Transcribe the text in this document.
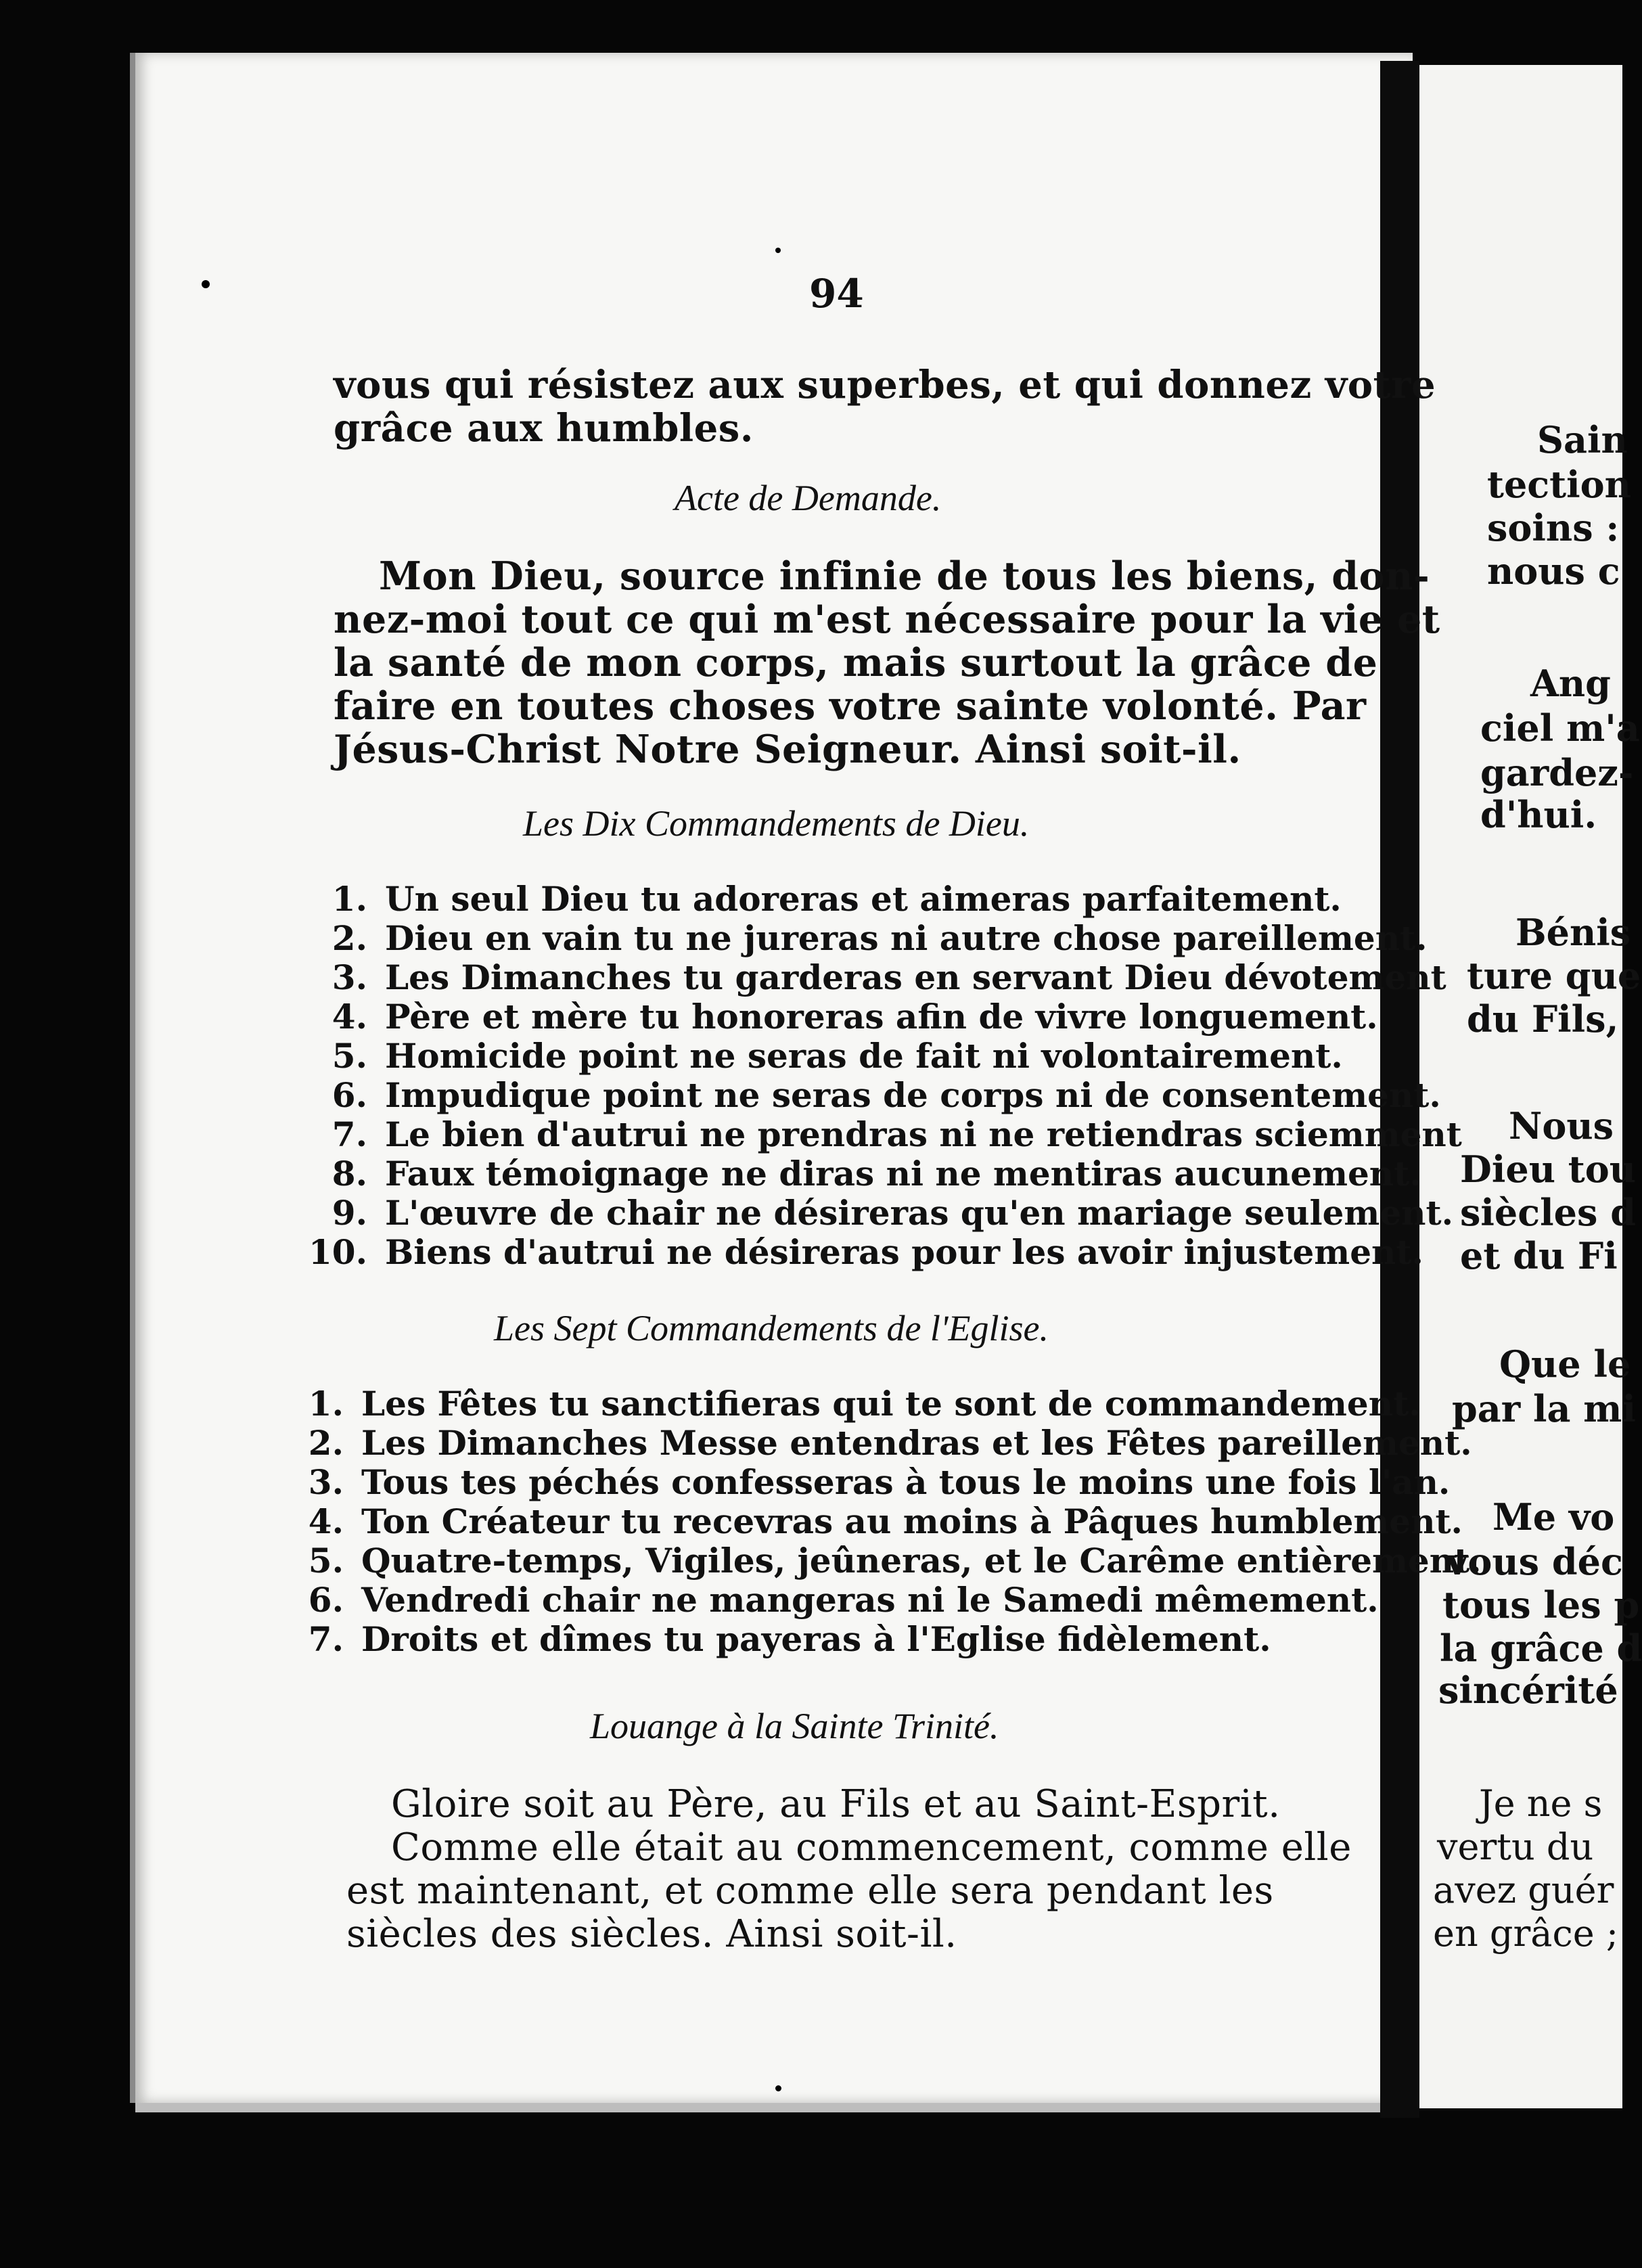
94
vous qui résistez aux superbes, et qui donnez votre
grâce aux humbles.
Acte de Demande.
Mon Dieu, source infinie de tous les biens, don-
nez-moi tout ce qui m'est nécessaire pour la vie et
la santé de mon corps, mais surtout la grâce de
faire en toutes choses votre sainte volonté. Par
Jésus-Christ Notre Seigneur. Ainsi soit-il.
Les Dix Commandements de Dieu.
1. Un seul Dieu tu adoreras et aimeras parfaitement.
2. Dieu en vain tu ne jureras ni autre chose pareillement.
3. Les Dimanches tu garderas en servant Dieu dévotement
4. Père et mère tu honoreras afin de vivre longuement.
5. Homicide point ne seras de fait ni volontairement.
6. Impudique point ne seras de corps ni de consentement.
7. Le bien d'autrui ne prendras ni ne retiendras sciemment
8. Faux témoignage ne diras ni ne mentiras aucunement.
9. L'œuvre de chair ne désireras qu'en mariage seulement.
10. Biens d'autrui ne désireras pour les avoir injustement.
Les Sept Commandements de l'Eglise.
1. Les Fêtes tu sanctifieras qui te sont de commandement.
2. Les Dimanches Messe entendras et les Fêtes pareillement.
3. Tous tes péchés confesseras à tous le moins une fois l'an.
4. Ton Créateur tu recevras au moins à Pâques humblement.
5. Quatre-temps, Vigiles, jeûneras, et le Carême entièrement.
6. Vendredi chair ne mangeras ni le Samedi mêmement.
7. Droits et dîmes tu payeras à l'Eglise fidèlement.
Louange à la Sainte Trinité.
Gloire soit au Père, au Fils et au Saint-Esprit.
Comme elle était au commencement, comme elle
est maintenant, et comme elle sera pendant les
siècles des siècles. Ainsi soit-il.
Sain
tection
soins :
nous c
Ang
ciel m'a
gardez-
d'hui.
Bénis
ture que
du Fils,
Nous
Dieu tou
siècles d
et du Fi
Que le
par la mi
Me vo
vous déc
tous les p
la grâce d
sincérité
Je ne s
vertu du
avez guér
en grâce ;
